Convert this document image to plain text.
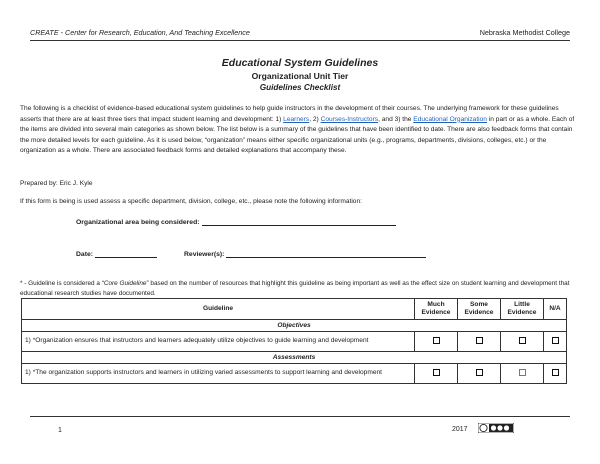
CREATE - Center for Research, Education, And Teaching Excellence	Nebraska Methodist College
Educational System Guidelines
Organizational Unit Tier
Guidelines Checklist
The following is a checklist of evidence-based educational system guidelines to help guide instructors in the development of their courses. The underlying framework for these guidelines asserts that there are at least three tiers that impact student learning and development: 1) Learners, 2) Courses-Instructors, and 3) the Educational Organization in part or as a whole. Each of the items are divided into several main categories as shown below. The list below is a summary of the guidelines that have been identified to date. There are also feedback forms that contain the more detailed levels for each guideline. As it is used below, “organization” means either specific organizational units (e.g., programs, departments, divisions, colleges, etc.) or the organization as a whole. There are associated feedback forms and detailed explanations that accompany these.
Prepared by: Eric J. Kyle
If this form is being is used assess a specific department, division, college, etc., please note the following information:
Organizational area being considered:
Date:	Reviewer(s):
* - Guideline is considered a “Core Guideline” based on the number of resources that highlight this guideline as being important as well as the effect size on student learning and development that educational research studies have documented.
Guideline	Much Evidence	Some Evidence	Little Evidence	N/A
Objectives				
1) *Organization ensures that instructors and learners adequately utilize objectives to guide learning and development				
Assessments				
1) *The organization supports instructors and learners in utilizing varied assessments to support learning and development				
1	2017
